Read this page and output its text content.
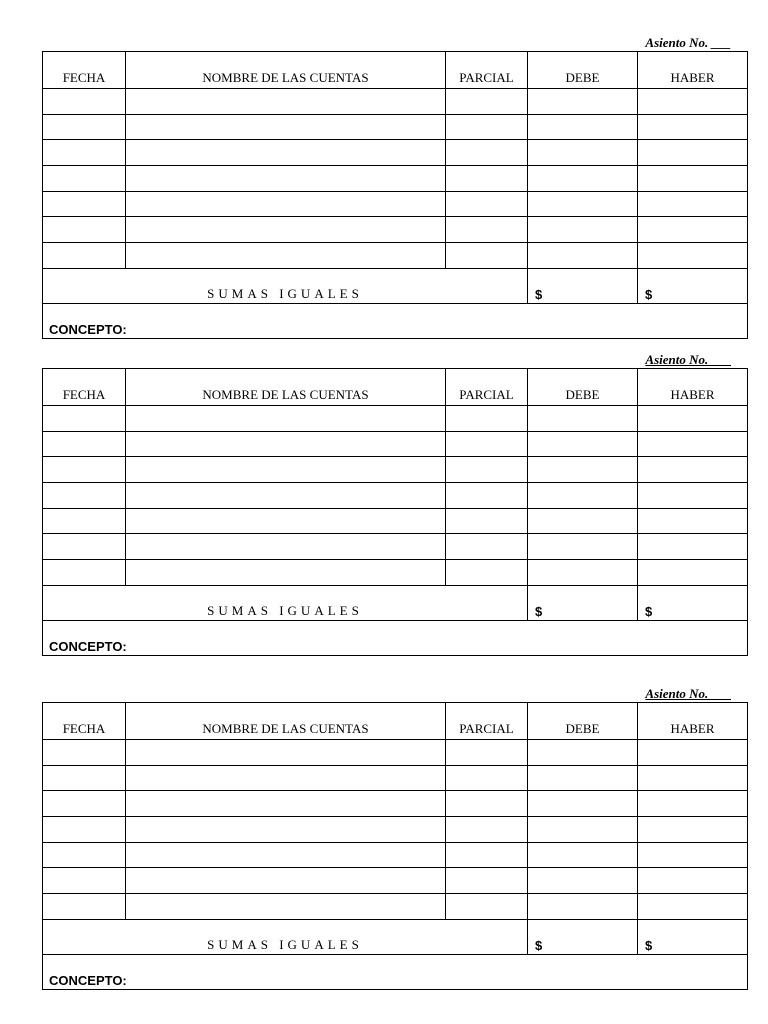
Asiento No. ___
FECHA	NOMBRE DE LAS CUENTAS	PARCIAL	DEBE	HABER

SUMAS IGUALES			$	$
CONCEPTO:				
Asiento No. ___
FECHA	NOMBRE DE LAS CUENTAS	PARCIAL	DEBE	HABER

SUMAS IGUALES			$	$
CONCEPTO:				
Asiento No. ___
FECHA	NOMBRE DE LAS CUENTAS	PARCIAL	DEBE	HABER

SUMAS IGUALES			$	$
CONCEPTO:				
